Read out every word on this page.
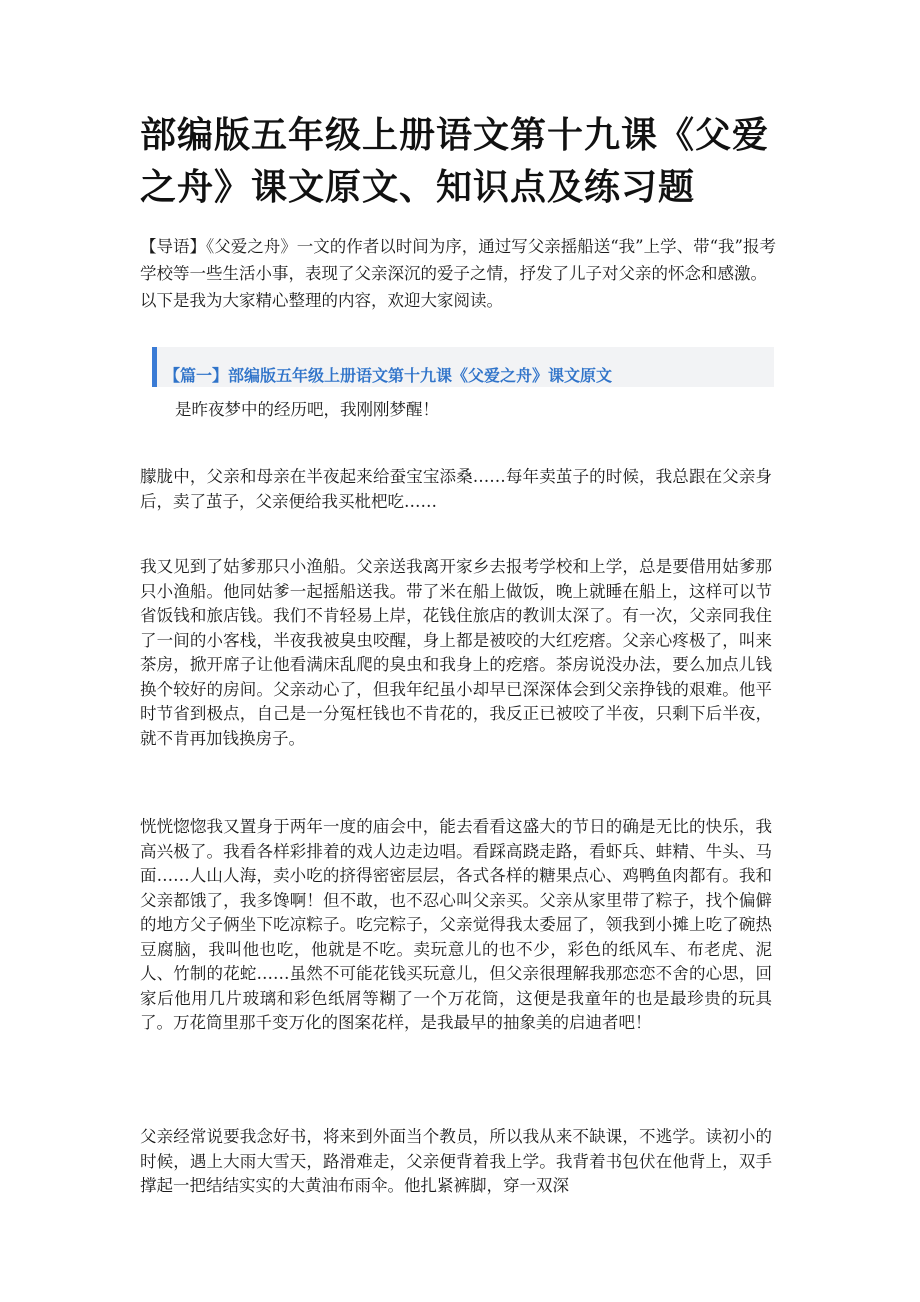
部编版五年级上册语文第十九课《父爱之舟》课文原文、知识点及练习题

【导语】《父爱之舟》一文的作者以时间为序，通过写父亲摇船送“我”上学、带“我”报考学校等一些生活小事，表现了父亲深沉的爱子之情，抒发了儿子对父亲的怀念和感激。以下是我为大家精心整理的内容，欢迎大家阅读。

【篇一】部编版五年级上册语文第十九课《父爱之舟》课文原文

是昨夜梦中的经历吧，我刚刚梦醒！

朦胧中，父亲和母亲在半夜起来给蚕宝宝添桑……每年卖茧子的时候，我总跟在父亲身后，卖了茧子，父亲便给我买枇杷吃……

我又见到了姑爹那只小渔船。父亲送我离开家乡去报考学校和上学，总是要借用姑爹那只小渔船。他同姑爹一起摇船送我。带了米在船上做饭，晚上就睡在船上，这样可以节省饭钱和旅店钱。我们不肯轻易上岸，花钱住旅店的教训太深了。有一次，父亲同我住了一间的小客栈，半夜我被臭虫咬醒，身上都是被咬的大红疙瘩。父亲心疼极了，叫来茶房，掀开席子让他看满床乱爬的臭虫和我身上的疙瘩。茶房说没办法，要么加点儿钱换个较好的房间。父亲动心了，但我年纪虽小却早已深深体会到父亲挣钱的艰难。他平时节省到极点，自己是一分冤枉钱也不肯花的，我反正已被咬了半夜，只剩下后半夜，就不肯再加钱换房子。

恍恍惚惚我又置身于两年一度的庙会中，能去看看这盛大的节日的确是无比的快乐，我高兴极了。我看各样彩排着的戏人边走边唱。看踩高跷走路，看虾兵、蚌精、牛头、马面……人山人海，卖小吃的挤得密密层层，各式各样的糖果点心、鸡鸭鱼肉都有。我和父亲都饿了，我多馋啊！但不敢，也不忍心叫父亲买。父亲从家里带了粽子，找个偏僻的地方父子俩坐下吃凉粽子。吃完粽子，父亲觉得我太委屈了，领我到小摊上吃了碗热豆腐脑，我叫他也吃，他就是不吃。卖玩意儿的也不少，彩色的纸风车、布老虎、泥人、竹制的花蛇……虽然不可能花钱买玩意儿，但父亲很理解我那恋恋不舍的心思，回家后他用几片玻璃和彩色纸屑等糊了一个万花筒，这便是我童年的也是最珍贵的玩具了。万花筒里那千变万化的图案花样，是我最早的抽象美的启迪者吧！

父亲经常说要我念好书，将来到外面当个教员，所以我从来不缺课，不逃学。读初小的时候，遇上大雨大雪天，路滑难走，父亲便背着我上学。我背着书包伏在他背上，双手撑起一把结结实实的大黄油布雨伞。他扎紧裤脚，穿一双深
